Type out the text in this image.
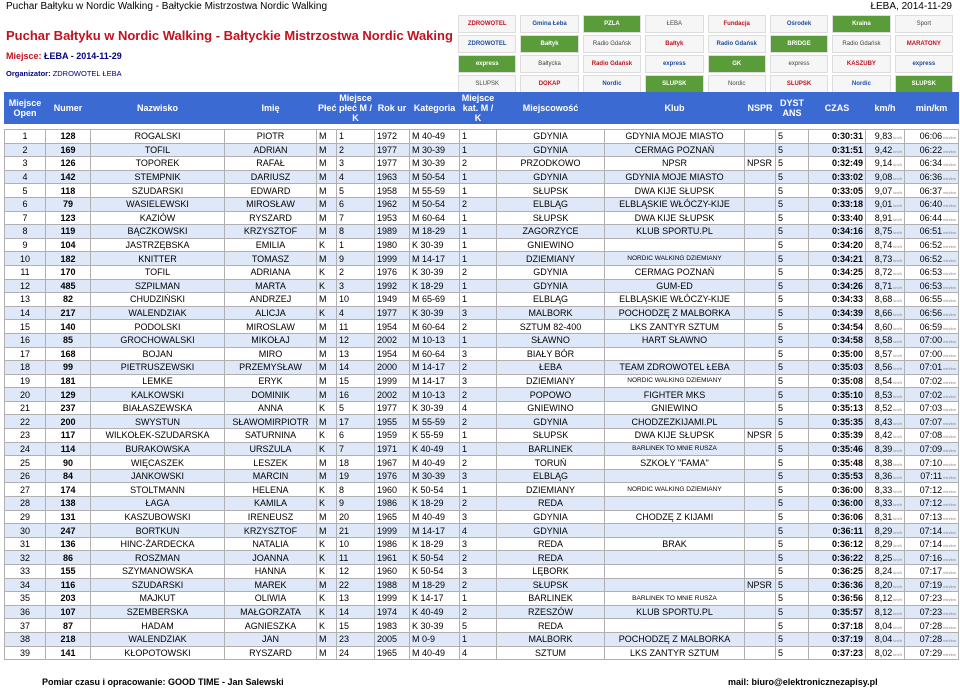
Puchar Bałtyku w Nordic Walking - Bałtyckie Mistrzostwa Nordic Walking	ŁEBA, 2014-11-29
Puchar Bałtyku w Nordic Walking - Bałtyckie Mistrzostwa Nordic Waking
Miejsce: ŁEBA - 2014-11-29
Organizator: ZDROWOTEL ŁEBA
ZDROWOTEL	Gmina Łeba	PZLA	ŁEBA	Fundacja	Ośrodek	Kraina	Sport
ZDROWOTEL	Bałtyk	Radio Gdańsk	Bałtyk	Radio Gdańsk	BRIDGE	Radio Gdańsk	MARATONY
express	Bałtycka	Radio Gdańsk	express	GK	express	KASZUBY	express
SLUPSK	DOKAP	Nordic	SLUPSK	Nordic	SLUPSK	Nordic	SLUPSK
Miejsce Open	Numer	Nazwisko	Imię	Płeć	Miejsce płeć M / K	Rok ur	Kategoria	Miejsce kat. M / K	Miejscowość	Klub	NSPR	DYST ANS	CZAS	km/h	min/km

1	128	ROGALSKI	PIOTR	M	1	1972	M 40-49	1	GDYNIA	GDYNIA MOJE MIASTO		5	0:30:31	9,83km/h	06:06min/km
2	169	TOFIL	ADRIAN	M	2	1977	M 30-39	1	GDYNIA	CERMAG POZNAŃ		5	0:31:51	9,42km/h	06:22min/km
3	126	TOPOREK	RAFAŁ	M	3	1977	M 30-39	2	PRZODKOWO	NPSR	NPSR	5	0:32:49	9,14km/h	06:34min/km
4	142	STEMPNIK	DARIUSZ	M	4	1963	M 50-54	1	GDYNIA	GDYNIA MOJE MIASTO		5	0:33:02	9,08km/h	06:36min/km
5	118	SZUDARSKI	EDWARD	M	5	1958	M 55-59	1	SŁUPSK	DWA KIJE SŁUPSK		5	0:33:05	9,07km/h	06:37min/km
6	79	WASIELEWSKI	MIROSŁAW	M	6	1962	M 50-54	2	ELBLĄG	ELBLĄSKIE WŁÓCZY-KIJE		5	0:33:18	9,01km/h	06:40min/km
7	123	KAZIÓW	RYSZARD	M	7	1953	M 60-64	1	SŁUPSK	DWA KIJE SŁUPSK		5	0:33:40	8,91km/h	06:44min/km
8	119	BĄCZKOWSKI	KRZYSZTOF	M	8	1989	M 18-29	1	ZAGORZYCE	KLUB SPORTU.PL		5	0:34:16	8,75km/h	06:51min/km
9	104	JASTRZĘBSKA	EMILIA	K	1	1980	K 30-39	1	GNIEWINO			5	0:34:20	8,74km/h	06:52min/km
10	182	KNITTER	TOMASZ	M	9	1999	M 14-17	1	DZIEMIANY	NORDIC WALKING DZIEMIANY		5	0:34:21	8,73km/h	06:52min/km
11	170	TOFIL	ADRIANA	K	2	1976	K 30-39	2	GDYNIA	CERMAG POZNAŃ		5	0:34:25	8,72km/h	06:53min/km
12	485	SZPILMAN	MARTA	K	3	1992	K 18-29	1	GDYNIA	GUM-ED		5	0:34:26	8,71km/h	06:53min/km
13	82	CHUDZIŃSKI	ANDRZEJ	M	10	1949	M 65-69	1	ELBLĄG	ELBLĄSKIE WŁÓCZY-KIJE		5	0:34:33	8,68km/h	06:55min/km
14	217	WALENDZIAK	ALICJA	K	4	1977	K 30-39	3	MALBORK	POCHODZĘ Z MALBORKA		5	0:34:39	8,66km/h	06:56min/km
15	140	PODOLSKI	MIROSLAW	M	11	1954	M 60-64	2	SZTUM 82-400	LKS ZANTYR SZTUM		5	0:34:54	8,60km/h	06:59min/km
16	85	GROCHOWALSKI	MIKOŁAJ	M	12	2002	M 10-13	1	SŁAWNO	HART SŁAWNO		5	0:34:58	8,58km/h	07:00min/km
17	168	BOJAN	MIRO	M	13	1954	M 60-64	3	BIAŁY BÓR			5	0:35:00	8,57km/h	07:00min/km
18	99	PIETRUSZEWSKI	PRZEMYSŁAW	M	14	2000	M 14-17	2	ŁEBA	TEAM ZDROWOTEL ŁEBA		5	0:35:03	8,56km/h	07:01min/km
19	181	LEMKE	ERYK	M	15	1999	M 14-17	3	DZIEMIANY	NORDIC WALKING DZIEMIANY		5	0:35:08	8,54km/h	07:02min/km
20	129	KALKOWSKI	DOMINIK	M	16	2002	M 10-13	2	POPOWO	FIGHTER MKS		5	0:35:10	8,53km/h	07:02min/km
21	237	BIAŁASZEWSKA	ANNA	K	5	1977	K 30-39	4	GNIEWINO	GNIEWINO		5	0:35:13	8,52km/h	07:03min/km
22	200	SWYSTUN	SŁAWOMIRPIOTR	M	17	1955	M 55-59	2	GDYNIA	CHODZEZKIJAMI.PL		5	0:35:35	8,43km/h	07:07min/km
23	117	WILKOŁEK-SZUDARSKA	SATURNINA	K	6	1959	K 55-59	1	SŁUPSK	DWA KIJE SŁUPSK	NPSR	5	0:35:39	8,42km/h	07:08min/km
24	114	BURAKOWSKA	URSZULA	K	7	1971	K 40-49	1	BARLINEK	BARLINEK TO MNIE RUSZA		5	0:35:46	8,39km/h	07:09min/km
25	90	WIĘCASZEK	LESZEK	M	18	1967	M 40-49	2	TORUŃ	SZKOŁY "FAMA"		5	0:35:48	8,38km/h	07:10min/km
26	84	JANKOWSKI	MARCIN	M	19	1976	M 30-39	3	ELBLĄG			5	0:35:53	8,36km/h	07:11min/km
27	174	STOLTMANN	HELENA	K	8	1960	K 50-54	1	DZIEMIANY	NORDIC WALKING DZIEMIANY		5	0:36:00	8,33km/h	07:12min/km
28	138	ŁAGA	KAMILA	K	9	1986	K 18-29	2	REDA			5	0:36:00	8,33km/h	07:12min/km
29	131	KASZUBOWSKI	IRENEUSZ	M	20	1965	M 40-49	3	GDYNIA	CHODZĘ Z KIJAMI		5	0:36:06	8,31km/h	07:13min/km
30	247	BORTKUN	KRZYSZTOF	M	21	1999	M 14-17	4	GDYNIA			5	0:36:11	8,29km/h	07:14min/km
31	136	HINC-ŻARDECKA	NATALIA	K	10	1986	K 18-29	3	REDA	BRAK		5	0:36:12	8,29km/h	07:14min/km
32	86	ROSZMAN	JOANNA	K	11	1961	K 50-54	2	REDA			5	0:36:22	8,25km/h	07:16min/km
33	155	SZYMANOWSKA	HANNA	K	12	1960	K 50-54	3	LĘBORK			5	0:36:25	8,24km/h	07:17min/km
34	116	SZUDARSKI	MAREK	M	22	1988	M 18-29	2	SŁUPSK		NPSR	5	0:36:36	8,20km/h	07:19min/km
35	203	MAJKUT	OLIWIA	K	13	1999	K 14-17	1	BARLINEK	BARLINEK TO MNIE RUSZA		5	0:36:56	8,12km/h	07:23min/km
36	107	SZEMBERSKA	MAŁGORZATA	K	14	1974	K 40-49	2	RZESZÓW	KLUB SPORTU.PL		5	0:35:57	8,12km/h	07:23min/km
37	87	HADAM	AGNIESZKA	K	15	1983	K 30-39	5	REDA			5	0:37:18	8,04km/h	07:28min/km
38	218	WALENDZIAK	JAN	M	23	2005	M 0-9	1	MALBORK	POCHODZĘ Z MALBORKA		5	0:37:19	8,04km/h	07:28min/km
39	141	KŁOPOTOWSKI	RYSZARD	M	24	1965	M 40-49	4	SZTUM	LKS ZANTYR SZTUM		5	0:37:23	8,02km/h	07:29min/km
Pomiar czasu i opracowanie: GOOD TIME - Jan Salewski	mail: biuro@elektronicznezapisy.pl
